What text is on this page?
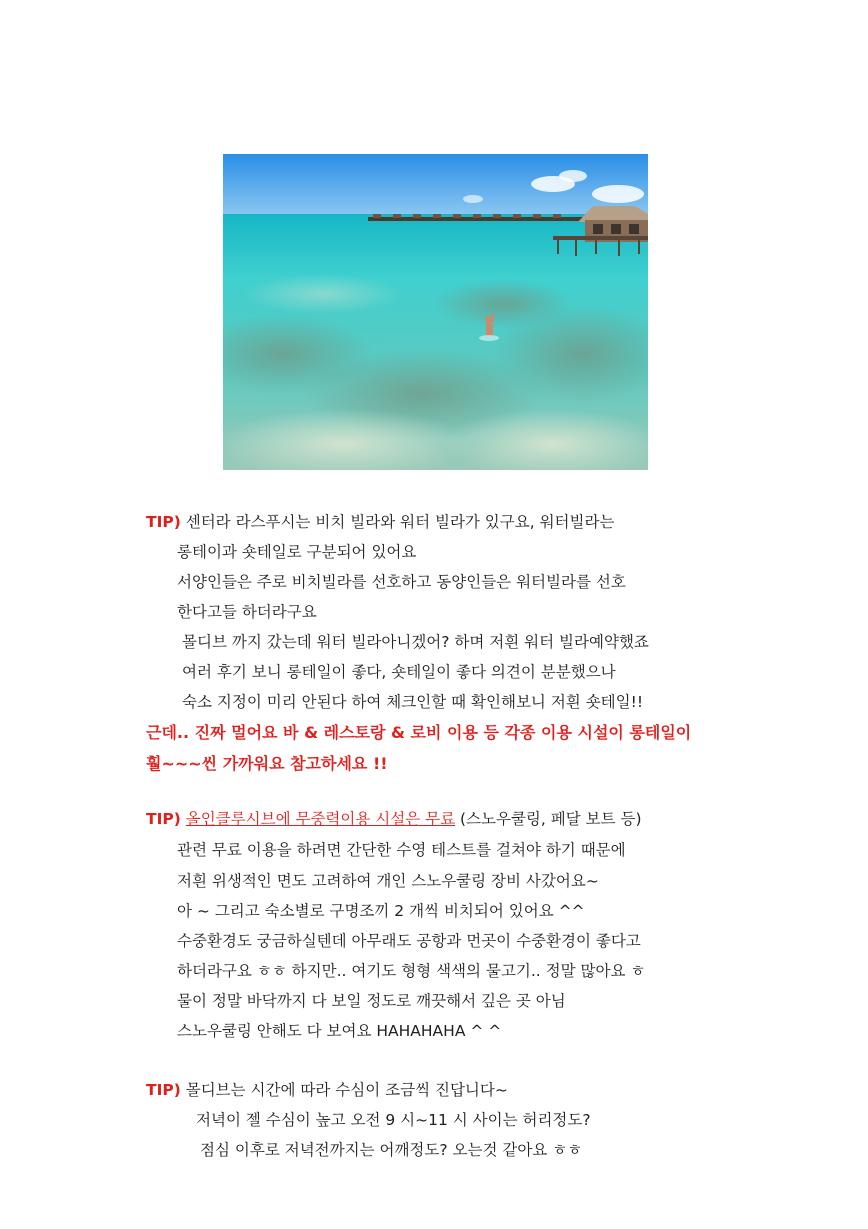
TIP) 센터라 라스푸시는 비치 빌라와 워터 빌라가 있구요, 워터빌라는
롱테이과 숏테일로 구분되어 있어요
서양인들은 주로 비치빌라를 선호하고 동양인들은 워터빌라를 선호
한다고들 하더라구요
몰디브 까지 갔는데 워터 빌라아니겠어? 하며 저흰 워터 빌라예약했죠
여러 후기 보니 롱테일이 좋다, 숏테일이 좋다 의견이 분분했으나
숙소 지정이 미리 안된다 하여 체크인할 때 확인해보니 저흰 숏테일!!
근데.. 진짜 멀어요 바 & 레스토랑 & 로비 이용 등 각종 이용 시설이 롱테일이
훨~~~씬 가까워요 참고하세요 !!
TIP) 올인클루시브에 무중력이용 시설은 무료 (스노우쿨링, 페달 보트 등)
관련 무료 이용을 하려면 간단한 수영 테스트를 걸쳐야 하기 때문에
저흰 위생적인 면도 고려하여 개인 스노우쿨링 장비 사갔어요~
아 ~ 그리고 숙소별로 구명조끼 2 개씩 비치되어 있어요 ^^
수중환경도 궁금하실텐데 아무래도 공항과 먼곳이 수중환경이 좋다고
하더라구요 ㅎㅎ 하지만.. 여기도 형형 색색의 물고기.. 정말 많아요 ㅎ
물이 정말 바닥까지 다 보일 정도로 깨끗해서 깊은 곳 아님
스노우쿨링 안해도 다 보여요 HAHAHAHA ^ ^
TIP) 몰디브는 시간에 따라 수심이 조금씩 진답니다~
저녁이 젤 수심이 높고 오전 9 시~11 시 사이는 허리정도?
점심 이후로 저녁전까지는 어깨정도? 오는것 같아요 ㅎㅎ
